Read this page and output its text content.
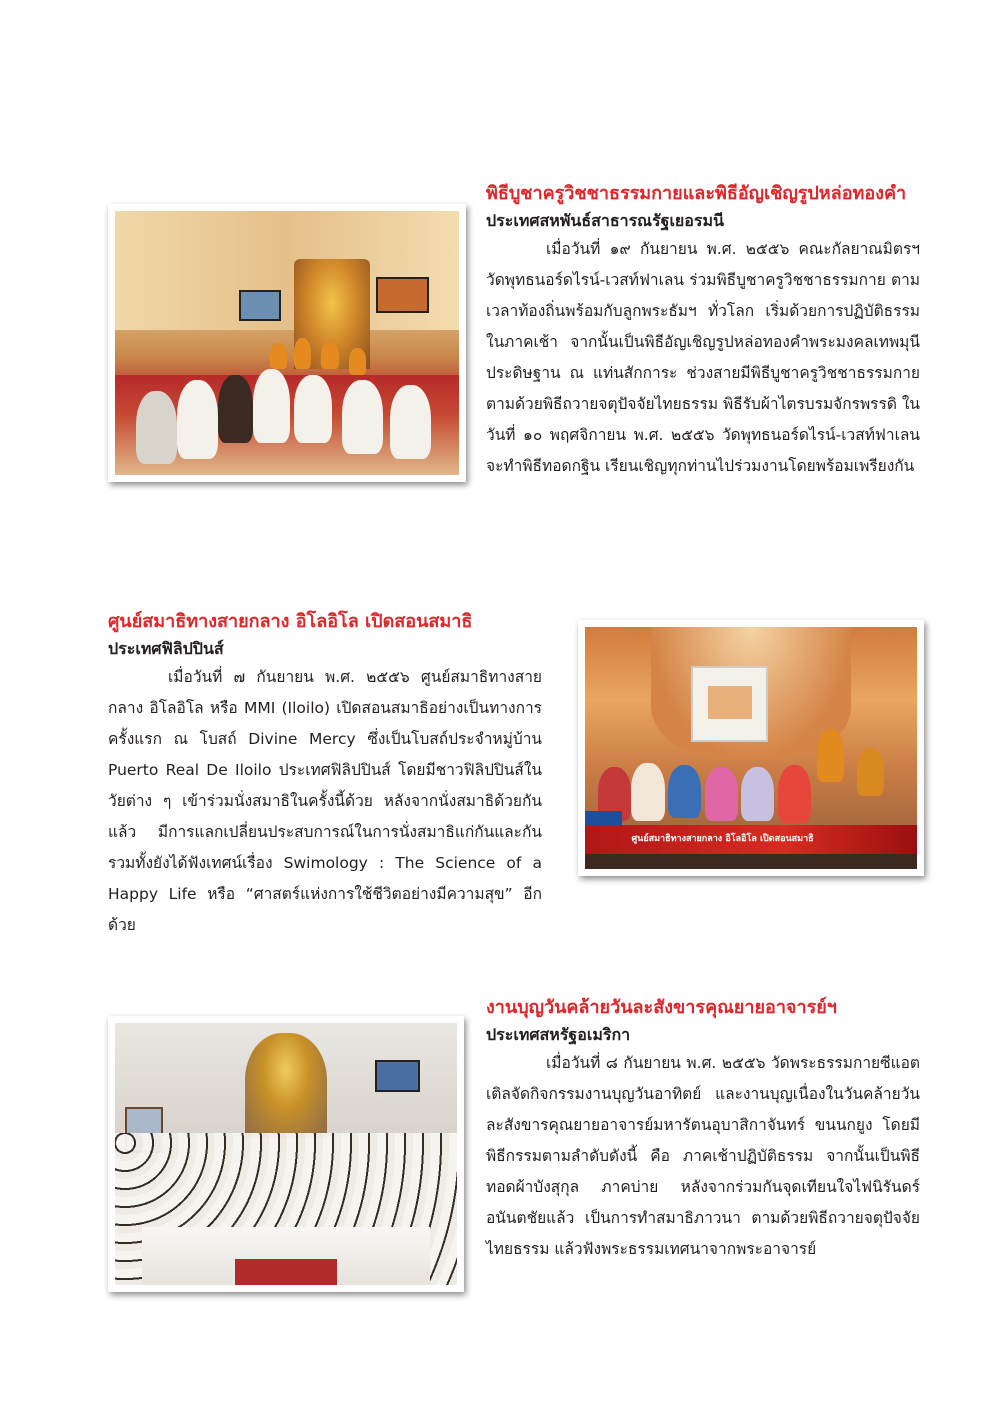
พิธีบูชาครูวิชชาธรรมกายและพิธีอัญเชิญรูปหล่อทองคำ
ประเทศสหพันธ์สาธารณรัฐเยอรมนี

เมื่อวันที่ ๑๙ กันยายน พ.ศ. ๒๕๕๖ คณะกัลยาณมิตรฯ วัดพุทธนอร์ดไรน์-เวสท์ฟาเลน ร่วมพิธีบูชาครูวิชชาธรรมกาย ตามเวลาท้องถิ่นพร้อมกับลูกพระธัมฯ ทั่วโลก เริ่มด้วยการปฏิบัติธรรมในภาคเช้า จากนั้นเป็นพิธีอัญเชิญรูปหล่อทองคำพระมงคลเทพมุนีประดิษฐาน ณ แท่นสักการะ ช่วงสายมีพิธีบูชาครูวิชชาธรรมกาย ตามด้วยพิธีถวายจตุปัจจัยไทยธรรม พิธีรับผ้าไตรบรมจักรพรรดิ ในวันที่ ๑๐ พฤศจิกายน พ.ศ. ๒๕๕๖ วัดพุทธนอร์ดไรน์-เวสท์ฟาเลน จะทำพิธีทอดกฐิน เรียนเชิญทุกท่านไปร่วมงานโดยพร้อมเพรียงกัน

ศูนย์สมาธิทางสายกลาง อิโลอิโล เปิดสอนสมาธิ
ประเทศฟิลิปปินส์

เมื่อวันที่ ๗ กันยายน พ.ศ. ๒๕๕๖ ศูนย์สมาธิทางสายกลาง อิโลอิโล หรือ MMI (Iloilo) เปิดสอนสมาธิอย่างเป็นทางการครั้งแรก ณ โบสถ์ Divine Mercy ซึ่งเป็นโบสถ์ประจำหมู่บ้าน Puerto Real De Iloilo ประเทศฟิลิปปินส์ โดยมีชาวฟิลิปปินส์ในวัยต่าง ๆ เข้าร่วมนั่งสมาธิในครั้งนี้ด้วย หลังจากนั่งสมาธิด้วยกันแล้ว มีการแลกเปลี่ยนประสบการณ์ในการนั่งสมาธิแก่กันและกัน รวมทั้งยังได้ฟังเทศน์เรื่อง Swimology : The Science of a Happy Life หรือ “ศาสตร์แห่งการใช้ชีวิตอย่างมีความสุข” อีกด้วย

ศูนย์สมาธิทางสายกลาง อิโลอิโล เปิดสอนสมาธิ
งานบุญวันคล้ายวันละสังขารคุณยายอาจารย์ฯ
ประเทศสหรัฐอเมริกา

เมื่อวันที่ ๘ กันยายน พ.ศ. ๒๕๕๖ วัดพระธรรมกายซีแอตเติลจัดกิจกรรมงานบุญวันอาทิตย์ และงานบุญเนื่องในวันคล้ายวันละสังขารคุณยายอาจารย์มหารัตนอุบาสิกาจันทร์ ขนนกยูง โดยมีพิธีกรรมตามลำดับดังนี้ คือ ภาคเช้าปฏิบัติธรรม จากนั้นเป็นพิธีทอดผ้าบังสุกุล ภาคบ่าย หลังจากร่วมกันจุดเทียนใจไฟนิรันดร์อนันตชัยแล้ว เป็นการทำสมาธิภาวนา ตามด้วยพิธีถวายจตุปัจจัยไทยธรรม แล้วฟังพระธรรมเทศนาจากพระอาจารย์
